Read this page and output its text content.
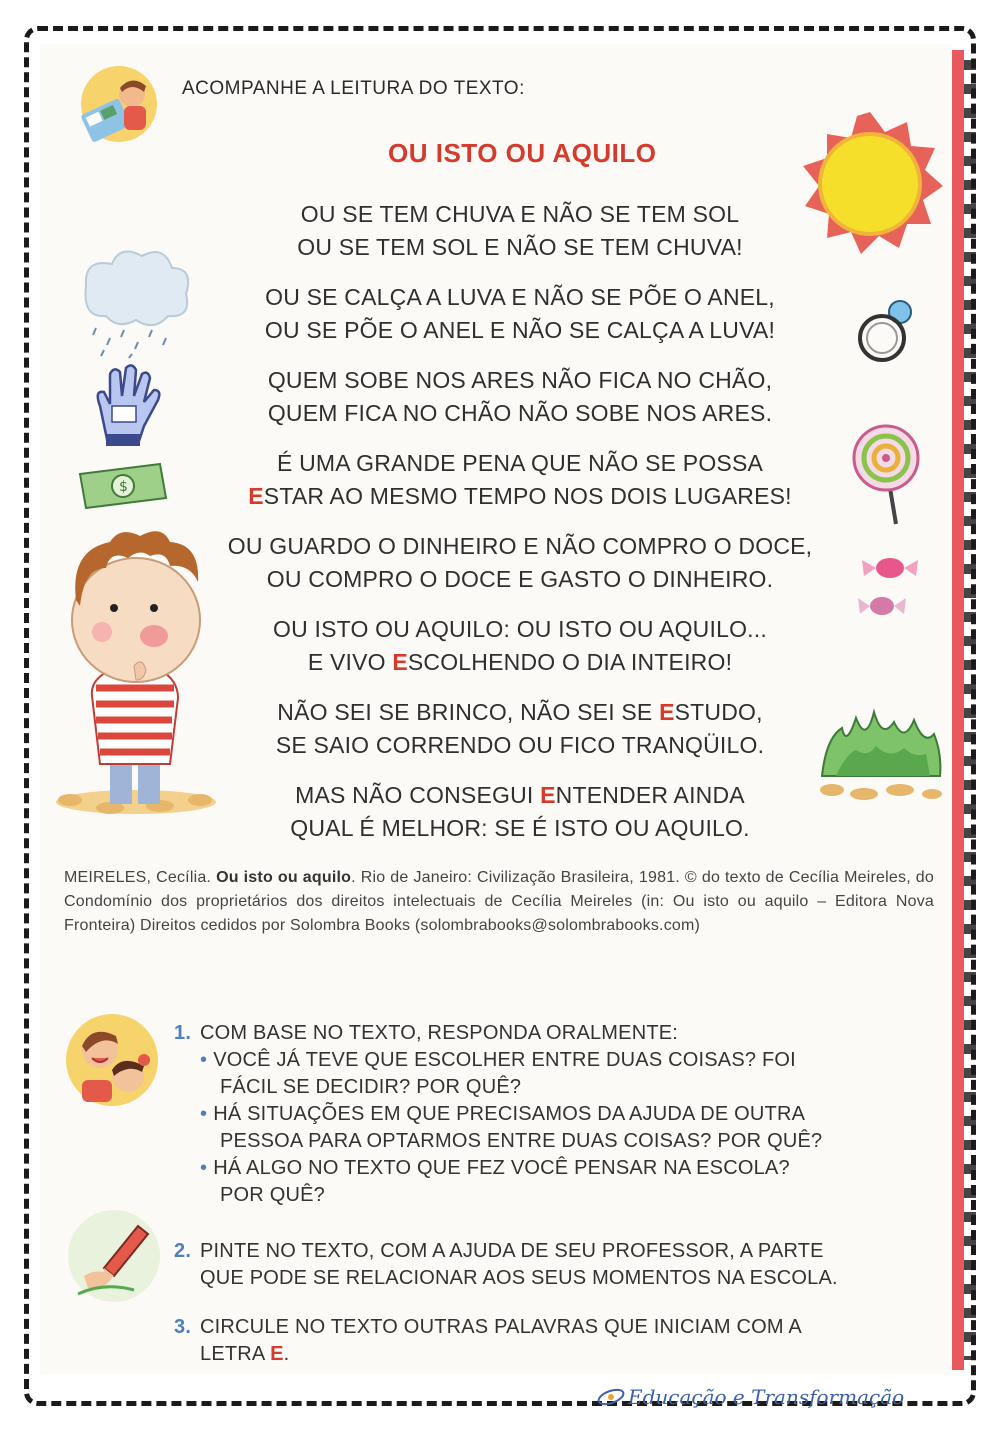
ACOMPANHE A LEITURA DO TEXTO:
OU ISTO OU AQUILO
$
OU SE TEM CHUVA E NÃO SE TEM SOL
OU SE TEM SOL E NÃO SE TEM CHUVA!
OU SE CALÇA A LUVA E NÃO SE PÕE O ANEL,
OU SE PÕE O ANEL E NÃO SE CALÇA A LUVA!
QUEM SOBE NOS ARES NÃO FICA NO CHÃO,
QUEM FICA NO CHÃO NÃO SOBE NOS ARES.
É UMA GRANDE PENA QUE NÃO SE POSSA
ESTAR AO MESMO TEMPO NOS DOIS LUGARES!
OU GUARDO O DINHEIRO E NÃO COMPRO O DOCE,
OU COMPRO O DOCE E GASTO O DINHEIRO.
OU ISTO OU AQUILO: OU ISTO OU AQUILO...
E VIVO ESCOLHENDO O DIA INTEIRO!
NÃO SEI SE BRINCO, NÃO SEI SE ESTUDO,
SE SAIO CORRENDO OU FICO TRANQÜILO.
MAS NÃO CONSEGUI ENTENDER AINDA
QUAL É MELHOR: SE É ISTO OU AQUILO.
MEIRELES, Cecília. Ou isto ou aquilo. Rio de Janeiro: Civilização Brasileira, 1981. © do texto de Cecília Meireles, do Condomínio dos proprietários dos direitos intelectuais de Cecília Meireles (in: Ou isto ou aquilo – Editora Nova Fronteira) Direitos cedidos por Solombra Books (solombrabooks@solombrabooks.com)
1. COM BASE NO TEXTO, RESPONDA ORALMENTE:
• VOCÊ JÁ TEVE QUE ESCOLHER ENTRE DUAS COISAS? FOI
FÁCIL SE DECIDIR? POR QUÊ?
• HÁ SITUAÇÕES EM QUE PRECISAMOS DA AJUDA DE OUTRA
PESSOA PARA OPTARMOS ENTRE DUAS COISAS? POR QUÊ?
• HÁ ALGO NO TEXTO QUE FEZ VOCÊ PENSAR NA ESCOLA?
POR QUÊ?
2. PINTE NO TEXTO, COM A AJUDA DE SEU PROFESSOR, A PARTE
QUE PODE SE RELACIONAR AOS SEUS MOMENTOS NA ESCOLA.
3. CIRCULE NO TEXTO OUTRAS PALAVRAS QUE INICIAM COM A
LETRA E.
Educação e Transformação
